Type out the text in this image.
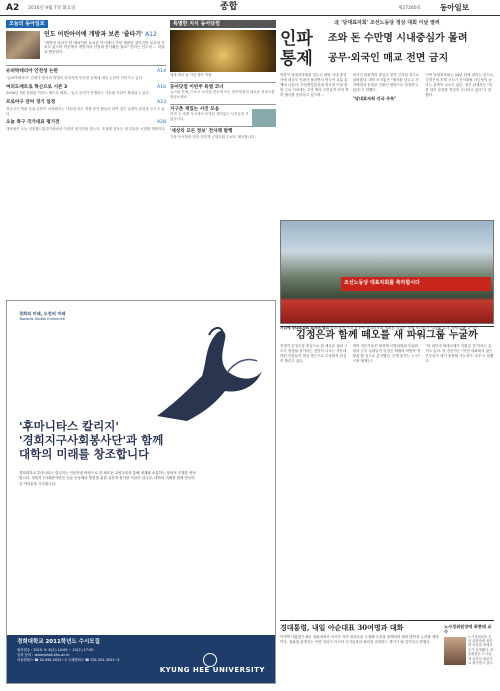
A2 2010년 9월 7일 화요일	종합	제27260호	동아일보
오늘의 동아일보
인도 어린아이에 개방과 보존 '줄타기' A12
"개발인 달러가 반 예외이를 요리한 이이에서 가장 개발한 것이지만 보존의 가치도 있으며 이곳에서 개발자의 산업화 봉사활동 필요" 안다는 인도의 ... 마을을 방문한다.
슈퍼박테리아 안전성 논란	A14
"슈퍼박테리아" 감염자 환자의 발생이 알려지며 안전성 문제에 대한 논란이 이어지고 있다.
여의도메트로 혁신으로 시즌 3	A16
2006년 3월 설립된 여의도 메트로 계획... 입주 준비가 진행되는 가운데 사업이 확대되고 있다.
프로야구 잔여 경기 일정	A23
정규시즌 막판 순위 다툼이 치열해지는 가운데 선두 경쟁 중인 팀들의 잔여 경기 일정이 관심을 모으고 있다.
오늘 축구 국가대표 평가전	A28
대표팀은 오늘 서울월드컵경기장에서 이란과 평가전을 갖는다. 조광래 감독은 새 얼굴을 시험할 계획이다.
특별한 지식 동아닷컴
세계 책의 날 기념 행사 작품
동아닷컴 이번주 특별 코너
뉴스와 연예, 스포츠 소식을 한눈에 보는 동아닷컴의 새로운 서비스를 만나보세요.
지구촌 재밌는 사진 모음
이번 주 세계 각국에서 포착된 재미있는 사진들을 모았습니다.
'세상의 모든 정보' 전자책 발행
가을 독서철을 맞아 전자책 콘텐츠를 무료로 제공합니다.
北 '당대표자회' 조선노동당 정상 대회 이날 열려
인파
통제
조와 돈 수만명 시내중심가 몰려
공무·외국인 매교 전면 금지

북한이 당대표자회를 앞두고 평양 시내 중심가에 대규모 인파가 몰리면서 당국이 교통 통제에 나섰다. 조선중앙통신에 따르면 이날 평양 주요 거리에는 수만 명의 주민들이 모여 축하 행사를 준비하고 있으며...

외국인 관광객의 출입도 전면 금지된 것으로 알려졌다. 대북 소식통은 "행사를 앞두고 각 지역에서 동원된 인원이 평양으로 집결하고 있다"고 전했다.

"당대표자회 각국 주목"

이번 당대표자회는 44년 만에 열리는 것으로, 김정은의 후계 구도가 공식화될 가능성이 높다는 관측이 나오고 있다. 정부 관계자는 "북한 내부 동향을 면밀히 주시하고 있다"고 말했다.

조선노동당 대표자회를 축하합시다
거리에 당대표자회 포스터 설치 북한 평양 시내 곳곳에 당대표자회 개최를 알리는 대형 포스터가 설치돼 있다. 평양=AP 뉴시스
김정은과 함께 떼오를 새 파워그룹 누굴까

후계자 김정은을 중심으로 한 새로운 권력 구도가 형성될 것이라는 전망이 나오는 가운데 어떤 인물들이 핵심 측근으로 부상할지 관심이 쏠리고 있다.

대북 전문가들은 장성택 국방위원회 부위원장과 군부 실세들이 김정은 체제의 버팀목 역할을 할 것으로 분석했다. 후계 동지는 누구? 시장 체제는?

"당 내부에 세대교체가 이뤄질 것"이라는 분석도 있다. 한 전문가는 "이번 대회에서 젊은 간부들이 대거 중용될 가능성이 크다"고 말했다.

경대통령, 내일 아순대표 30여명과 대화
이명박 대통령은 8일 청와대에서 아시아 지역 대표들을 초청해 오찬을 함께하며 협력 방안을 논의할 예정이다. 청와대 관계자는 이번 자리가 아시아 국가들과의 협력을 강화하는 계기가 될 것이라고 밝혔다.
노사정위원장에 최종태 교수
노사정위원회 신임 위원장에 최종태 서울대 명예교수가 임명됐다. 최 위원장은 노사관계 분야의 권위자로 평가받고 있다.
경희의 미래, 도전의 미래
Towards Global Eminence
'후마니타스 칼리지'
'경희지구사회봉사단'과 함께
대학의 미래를 창조합니다
경희대학교 후마니타스 칼리지는 인문학을 바탕으로 한 새로운 교양교육을 통해 세계와 소통하는 창의적 인재를 양성합니다. 경희지구사회봉사단은 인류 공동체의 발전을 위한 실천적 봉사를 이끌어 갑니다. 대학의 미래를 함께 만들어 갈 여러분을 기다립니다.
경희대학교 2011학년도 수시모집
원서접수 : 2010. 9. 8(수) 10:00 ~ 15(수) 17:00
입학 문의 : www.iphak.khu.ac.kr
서울캠퍼스 ☎ 02-961-0031~3 국제캠퍼스 ☎ 031-201-3031~3
KYUNG HEE UNIVERSITY
